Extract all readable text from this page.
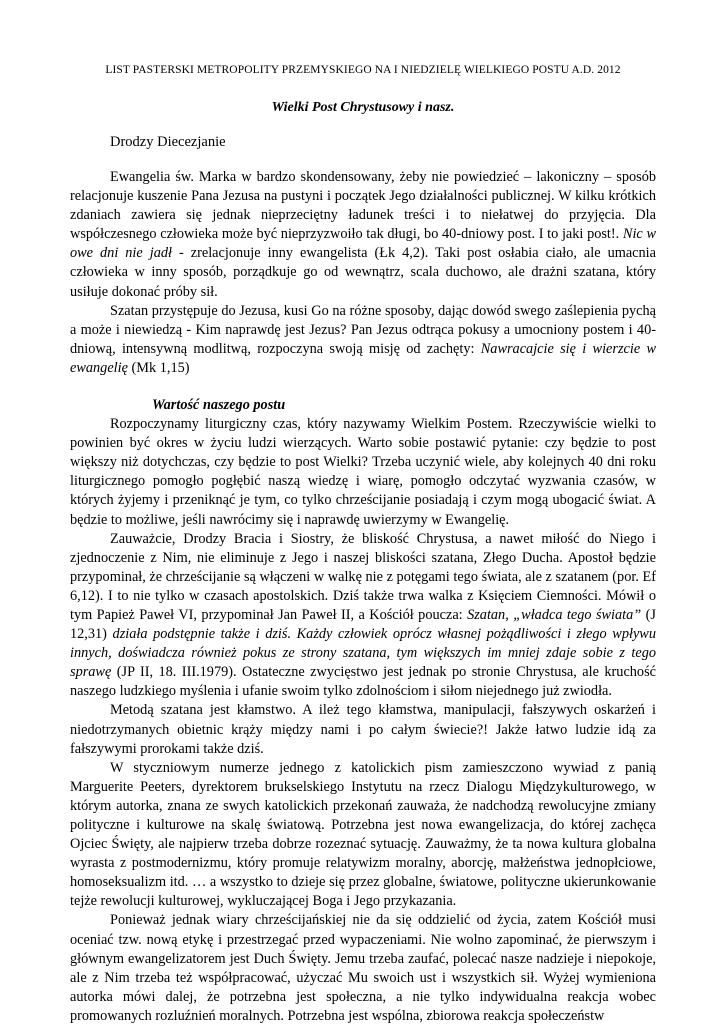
LIST PASTERSKI METROPOLITY PRZEMYSKIEGO NA I NIEDZIELĘ WIELKIEGO POSTU A.D. 2012
Wielki Post Chrystusowy i nasz.
Drodzy Diecezjanie

Ewangelia św. Marka w bardzo skondensowany, żeby nie powiedzieć – lakoniczny – sposób relacjonuje kuszenie Pana Jezusa na pustyni i początek Jego działalności publicznej. W kilku krótkich zdaniach zawiera się jednak nieprzeciętny ładunek treści i to niełatwej do przyjęcia. Dla współczesnego człowieka może być nieprzyzwoiło tak długi, bo 40-dniowy post. I to jaki post!. Nic w owe dni nie jadł - zrelacjonuje inny ewangelista (Łk 4,2). Taki post osłabia ciało, ale umacnia człowieka w inny sposób, porządkuje go od wewnątrz, scala duchowo, ale drażni szatana, który usiłuje dokonać próby sił.

Szatan przystępuje do Jezusa, kusi Go na różne sposoby, dając dowód swego zaślepienia pychą a może i niewiedzą - Kim naprawdę jest Jezus? Pan Jezus odtrąca pokusy a umocniony postem i 40-dniową, intensywną modlitwą, rozpoczyna swoją misję od zachęty: Nawracajcie się i wierzcie w ewangelię (Mk 1,15)

Wartość naszego postu

Rozpoczynamy liturgiczny czas, który nazywamy Wielkim Postem. Rzeczywiście wielki to powinien być okres w życiu ludzi wierzących. Warto sobie postawić pytanie: czy będzie to post większy niż dotychczas, czy będzie to post Wielki? Trzeba uczynić wiele, aby kolejnych 40 dni roku liturgicznego pomogło pogłębić naszą wiedzę i wiarę, pomogło odczytać wyzwania czasów, w których żyjemy i przeniknąć je tym, co tylko chrześcijanie posiadają i czym mogą ubogacić świat. A będzie to możliwe, jeśli nawrócimy się i naprawdę uwierzymy w Ewangelię.

Zauważcie, Drodzy Bracia i Siostry, że bliskość Chrystusa, a nawet miłość do Niego i zjednoczenie z Nim, nie eliminuje z Jego i naszej bliskości szatana, Złego Ducha. Apostoł będzie przypominał, że chrześcijanie są włączeni w walkę nie z potęgami tego świata, ale z szatanem (por. Ef 6,12). I to nie tylko w czasach apostolskich. Dziś także trwa walka z Księciem Ciemności. Mówił o tym Papież Paweł VI, przypominał Jan Paweł II, a Kościół poucza: Szatan, „władca tego świata” (J 12,31) działa podstępnie także i dziś. Każdy człowiek oprócz własnej pożądliwości i złego wpływu innych, doświadcza również pokus ze strony szatana, tym większych im mniej zdaje sobie z tego sprawę (JP II, 18. III.1979). Ostateczne zwycięstwo jest jednak po stronie Chrystusa, ale kruchość naszego ludzkiego myślenia i ufanie swoim tylko zdolnościom i siłom niejednego już zwiodła.

Metodą szatana jest kłamstwo. A ileż tego kłamstwa, manipulacji, fałszywych oskarżeń i niedotrzymanych obietnic krąży między nami i po całym świecie?! Jakże łatwo ludzie idą za fałszywymi prorokami także dziś.

W styczniowym numerze jednego z katolickich pism zamieszczono wywiad z panią Marguerite Peeters, dyrektorem brukselskiego Instytutu na rzecz Dialogu Międzykulturowego, w którym autorka, znana ze swych katolickich przekonań zauważa, że nadchodzą rewolucyjne zmiany polityczne i kulturowe na skalę światową. Potrzebna jest nowa ewangelizacja, do której zachęca Ojciec Święty, ale najpierw trzeba dobrze rozeznać sytuację. Zauważmy, że ta nowa kultura globalna wyrasta z postmodernizmu, który promuje relatywizm moralny, aborcję, małżeństwa jednopłciowe, homoseksualizm itd. … a wszystko to dzieje się przez globalne, światowe, polityczne ukierunkowanie tejże rewolucji kulturowej, wykluczającej Boga i Jego przykazania.

Ponieważ jednak wiary chrześcijańskiej nie da się oddzielić od życia, zatem Kościół musi oceniać tzw. nową etykę i przestrzegać przed wypaczeniami. Nie wolno zapominać, że pierwszym i głównym ewangelizatorem jest Duch Święty. Jemu trzeba zaufać, polecać nasze nadzieje i niepokoje, ale z Nim trzeba też współpracować, użyczać Mu swoich ust i wszystkich sił. Wyżej wymieniona autorka mówi dalej, że potrzebna jest społeczna, a nie tylko indywidualna reakcja wobec promowanych rozluźnień moralnych. Potrzebna jest wspólna, zbiorowa reakcja społeczeństw
